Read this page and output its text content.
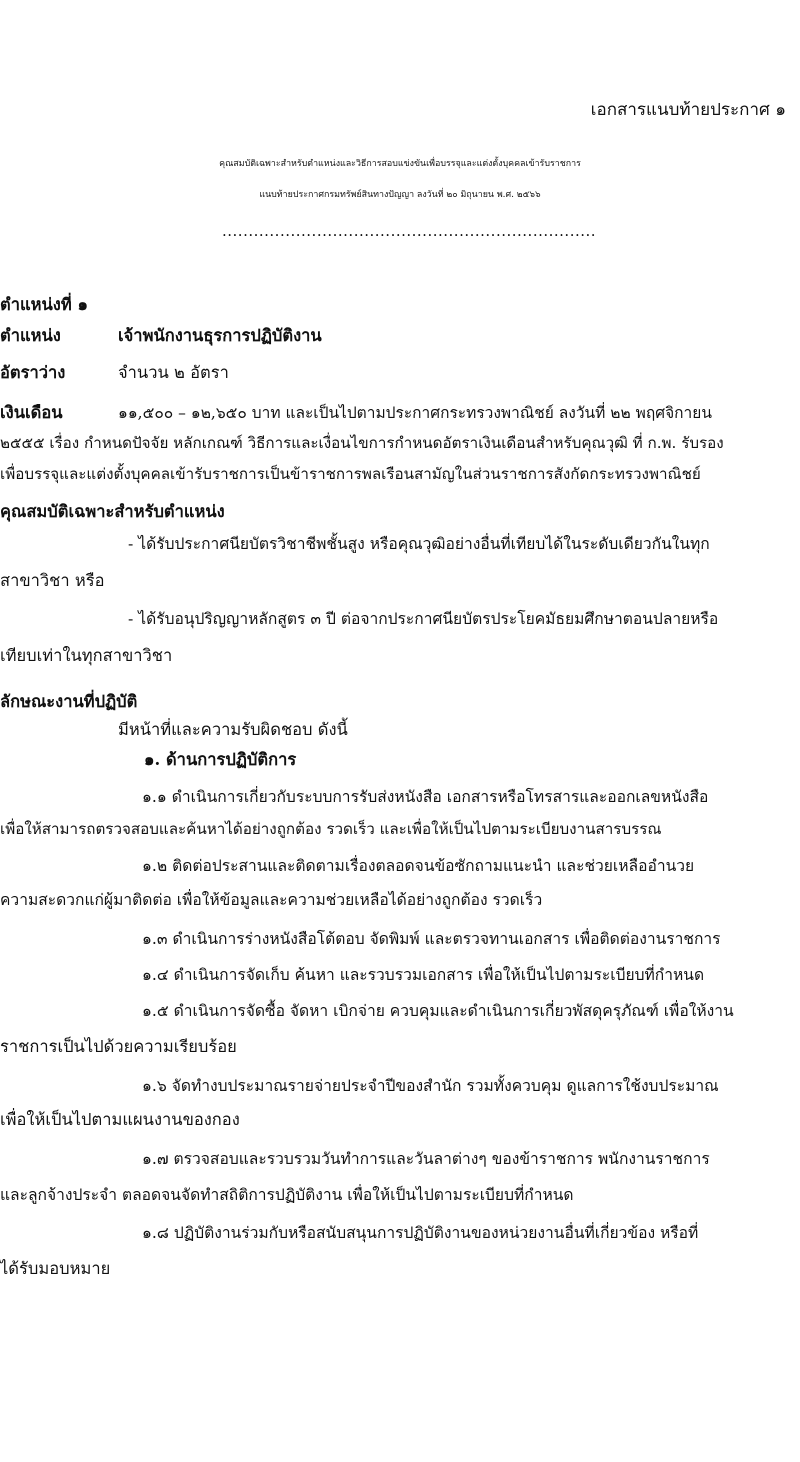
เอกสารแนบท้ายประกาศ ๑
คุณสมบัติเฉพาะสำหรับตำแหน่งและวิธีการสอบแข่งขันเพื่อบรรจุและแต่งตั้งบุคคลเข้ารับราชการ
แนบท้ายประกาศกรมทรัพย์สินทางปัญญา ลงวันที่ ๒๐ มิถุนายน พ.ศ. ๒๕๖๖
.......................................................................
ตำแหน่งที่ ๑
ตำแหน่ง	เจ้าพนักงานธุรการปฏิบัติงาน
อัตราว่าง	จำนวน ๒ อัตรา
เงินเดือน	๑๑,๕๐๐ – ๑๒,๖๕๐ บาท และเป็นไปตามประกาศกระทรวงพาณิชย์ ลงวันที่ ๒๒ พฤศจิกายน
๒๕๕๕ เรื่อง กำหนดปัจจัย หลักเกณฑ์ วิธีการและเงื่อนไขการกำหนดอัตราเงินเดือนสำหรับคุณวุฒิ ที่ ก.พ. รับรอง
เพื่อบรรจุและแต่งตั้งบุคคลเข้ารับราชการเป็นข้าราชการพลเรือนสามัญในส่วนราชการสังกัดกระทรวงพาณิชย์
คุณสมบัติเฉพาะสำหรับตำแหน่ง
- ได้รับประกาศนียบัตรวิชาชีพชั้นสูง หรือคุณวุฒิอย่างอื่นที่เทียบได้ในระดับเดียวกันในทุก
สาขาวิชา หรือ
- ได้รับอนุปริญญาหลักสูตร ๓ ปี ต่อจากประกาศนียบัตรประโยคมัธยมศึกษาตอนปลายหรือ
เทียบเท่าในทุกสาขาวิชา
ลักษณะงานที่ปฏิบัติ
มีหน้าที่และความรับผิดชอบ ดังนี้
๑. ด้านการปฏิบัติการ
๑.๑ ดำเนินการเกี่ยวกับระบบการรับส่งหนังสือ เอกสารหรือโทรสารและออกเลขหนังสือ
เพื่อให้สามารถตรวจสอบและค้นหาได้อย่างถูกต้อง รวดเร็ว และเพื่อให้เป็นไปตามระเบียบงานสารบรรณ
๑.๒ ติดต่อประสานและติดตามเรื่องตลอดจนข้อซักถามแนะนำ และช่วยเหลืออำนวย
ความสะดวกแก่ผู้มาติดต่อ เพื่อให้ข้อมูลและความช่วยเหลือได้อย่างถูกต้อง รวดเร็ว
๑.๓ ดำเนินการร่างหนังสือโต้ตอบ จัดพิมพ์ และตรวจทานเอกสาร เพื่อติดต่องานราชการ
๑.๔ ดำเนินการจัดเก็บ ค้นหา และรวบรวมเอกสาร เพื่อให้เป็นไปตามระเบียบที่กำหนด
๑.๕ ดำเนินการจัดซื้อ จัดหา เบิกจ่าย ควบคุมและดำเนินการเกี่ยวพัสดุครุภัณฑ์ เพื่อให้งาน
ราชการเป็นไปด้วยความเรียบร้อย
๑.๖ จัดทำงบประมาณรายจ่ายประจำปีของสำนัก รวมทั้งควบคุม ดูแลการใช้งบประมาณ
เพื่อให้เป็นไปตามแผนงานของกอง
๑.๗ ตรวจสอบและรวบรวมวันทำการและวันลาต่างๆ ของข้าราชการ พนักงานราชการ
และลูกจ้างประจำ ตลอดจนจัดทำสถิติการปฏิบัติงาน เพื่อให้เป็นไปตามระเบียบที่กำหนด
๑.๘ ปฏิบัติงานร่วมกับหรือสนับสนุนการปฏิบัติงานของหน่วยงานอื่นที่เกี่ยวข้อง หรือที่
ได้รับมอบหมาย
